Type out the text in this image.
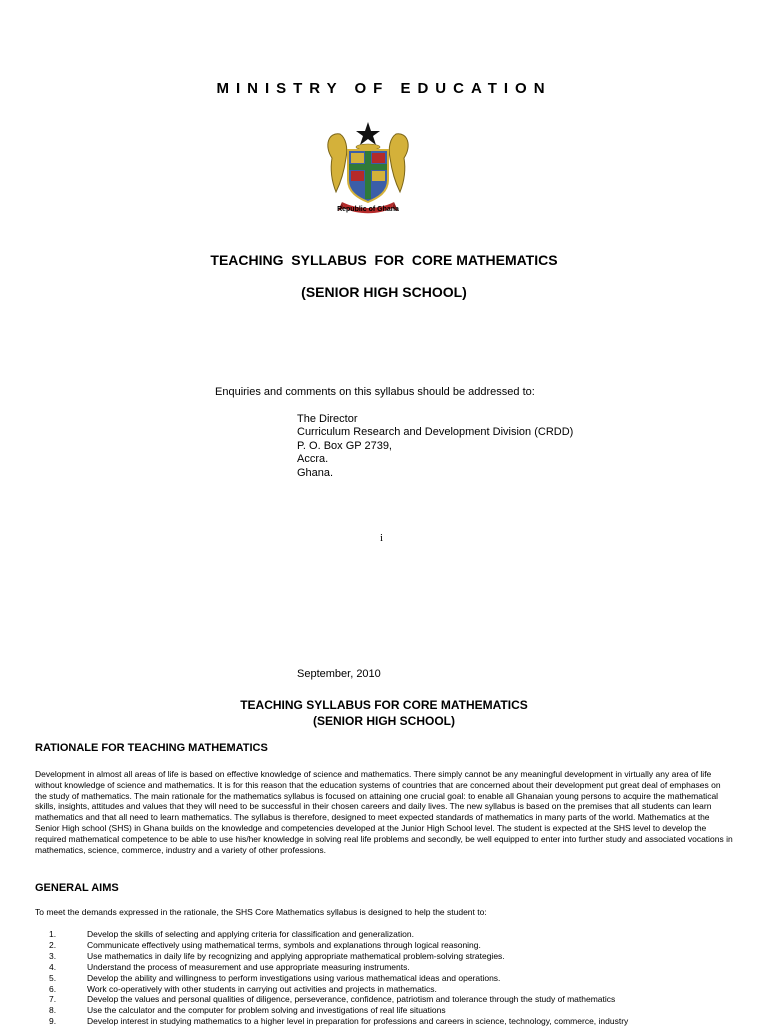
MINISTRY OF EDUCATION
Republic of Ghana
TEACHING  SYLLABUS  FOR  CORE MATHEMATICS
(SENIOR HIGH SCHOOL)
Enquiries and comments on this syllabus should be addressed to:
The Director
Curriculum Research and Development Division (CRDD)
P. O. Box GP 2739,
Accra.
Ghana.
i
September, 2010
TEACHING SYLLABUS FOR CORE MATHEMATICS
(SENIOR HIGH SCHOOL)
RATIONALE FOR TEACHING MATHEMATICS
Development in almost all areas of life is based on effective knowledge of science and mathematics. There simply cannot be any meaningful development in virtually any area of life without knowledge of science and mathematics. It is for this reason that the education systems of countries that are concerned about their development put great deal of emphases on the study of mathematics. The main rationale for the mathematics syllabus is focused on attaining one crucial goal: to enable all Ghanaian young persons to acquire the mathematical skills, insights, attitudes and values that they will need to be successful in their chosen careers and daily lives. The new syllabus is based on the premises that all students can learn mathematics and that all need to learn mathematics. The syllabus is therefore, designed to meet expected standards of mathematics in many parts of the world. Mathematics at the Senior High school (SHS) in Ghana builds on the knowledge and competencies developed at the Junior High School level. The student is expected at the SHS level to develop the required mathematical competence to be able to use his/her knowledge in solving real life problems and secondly, be well equipped to enter into further study and associated vocations in mathematics, science, commerce, industry and a variety of other professions.
GENERAL AIMS
To meet the demands expressed in the rationale, the SHS Core Mathematics syllabus is designed to help the student to:
1.	Develop the skills of selecting and applying criteria for classification and generalization.
2.	Communicate effectively using mathematical terms, symbols and explanations through logical reasoning.
3.	Use mathematics in daily life by recognizing and applying appropriate mathematical problem-solving strategies.
4.	Understand the process of measurement and use appropriate measuring instruments.
5.	Develop the ability and willingness to perform investigations using various mathematical ideas and operations.
6.	Work co-operatively with other students in carrying out activities and projects in mathematics.
7.	Develop the values and personal qualities of diligence, perseverance, confidence, patriotism and tolerance through the study of mathematics
8.	Use the calculator and the computer for problem solving and investigations of real life situations
9.	Develop interest in studying mathematics to a higher level in preparation for professions and careers in science, technology, commerce, industry
